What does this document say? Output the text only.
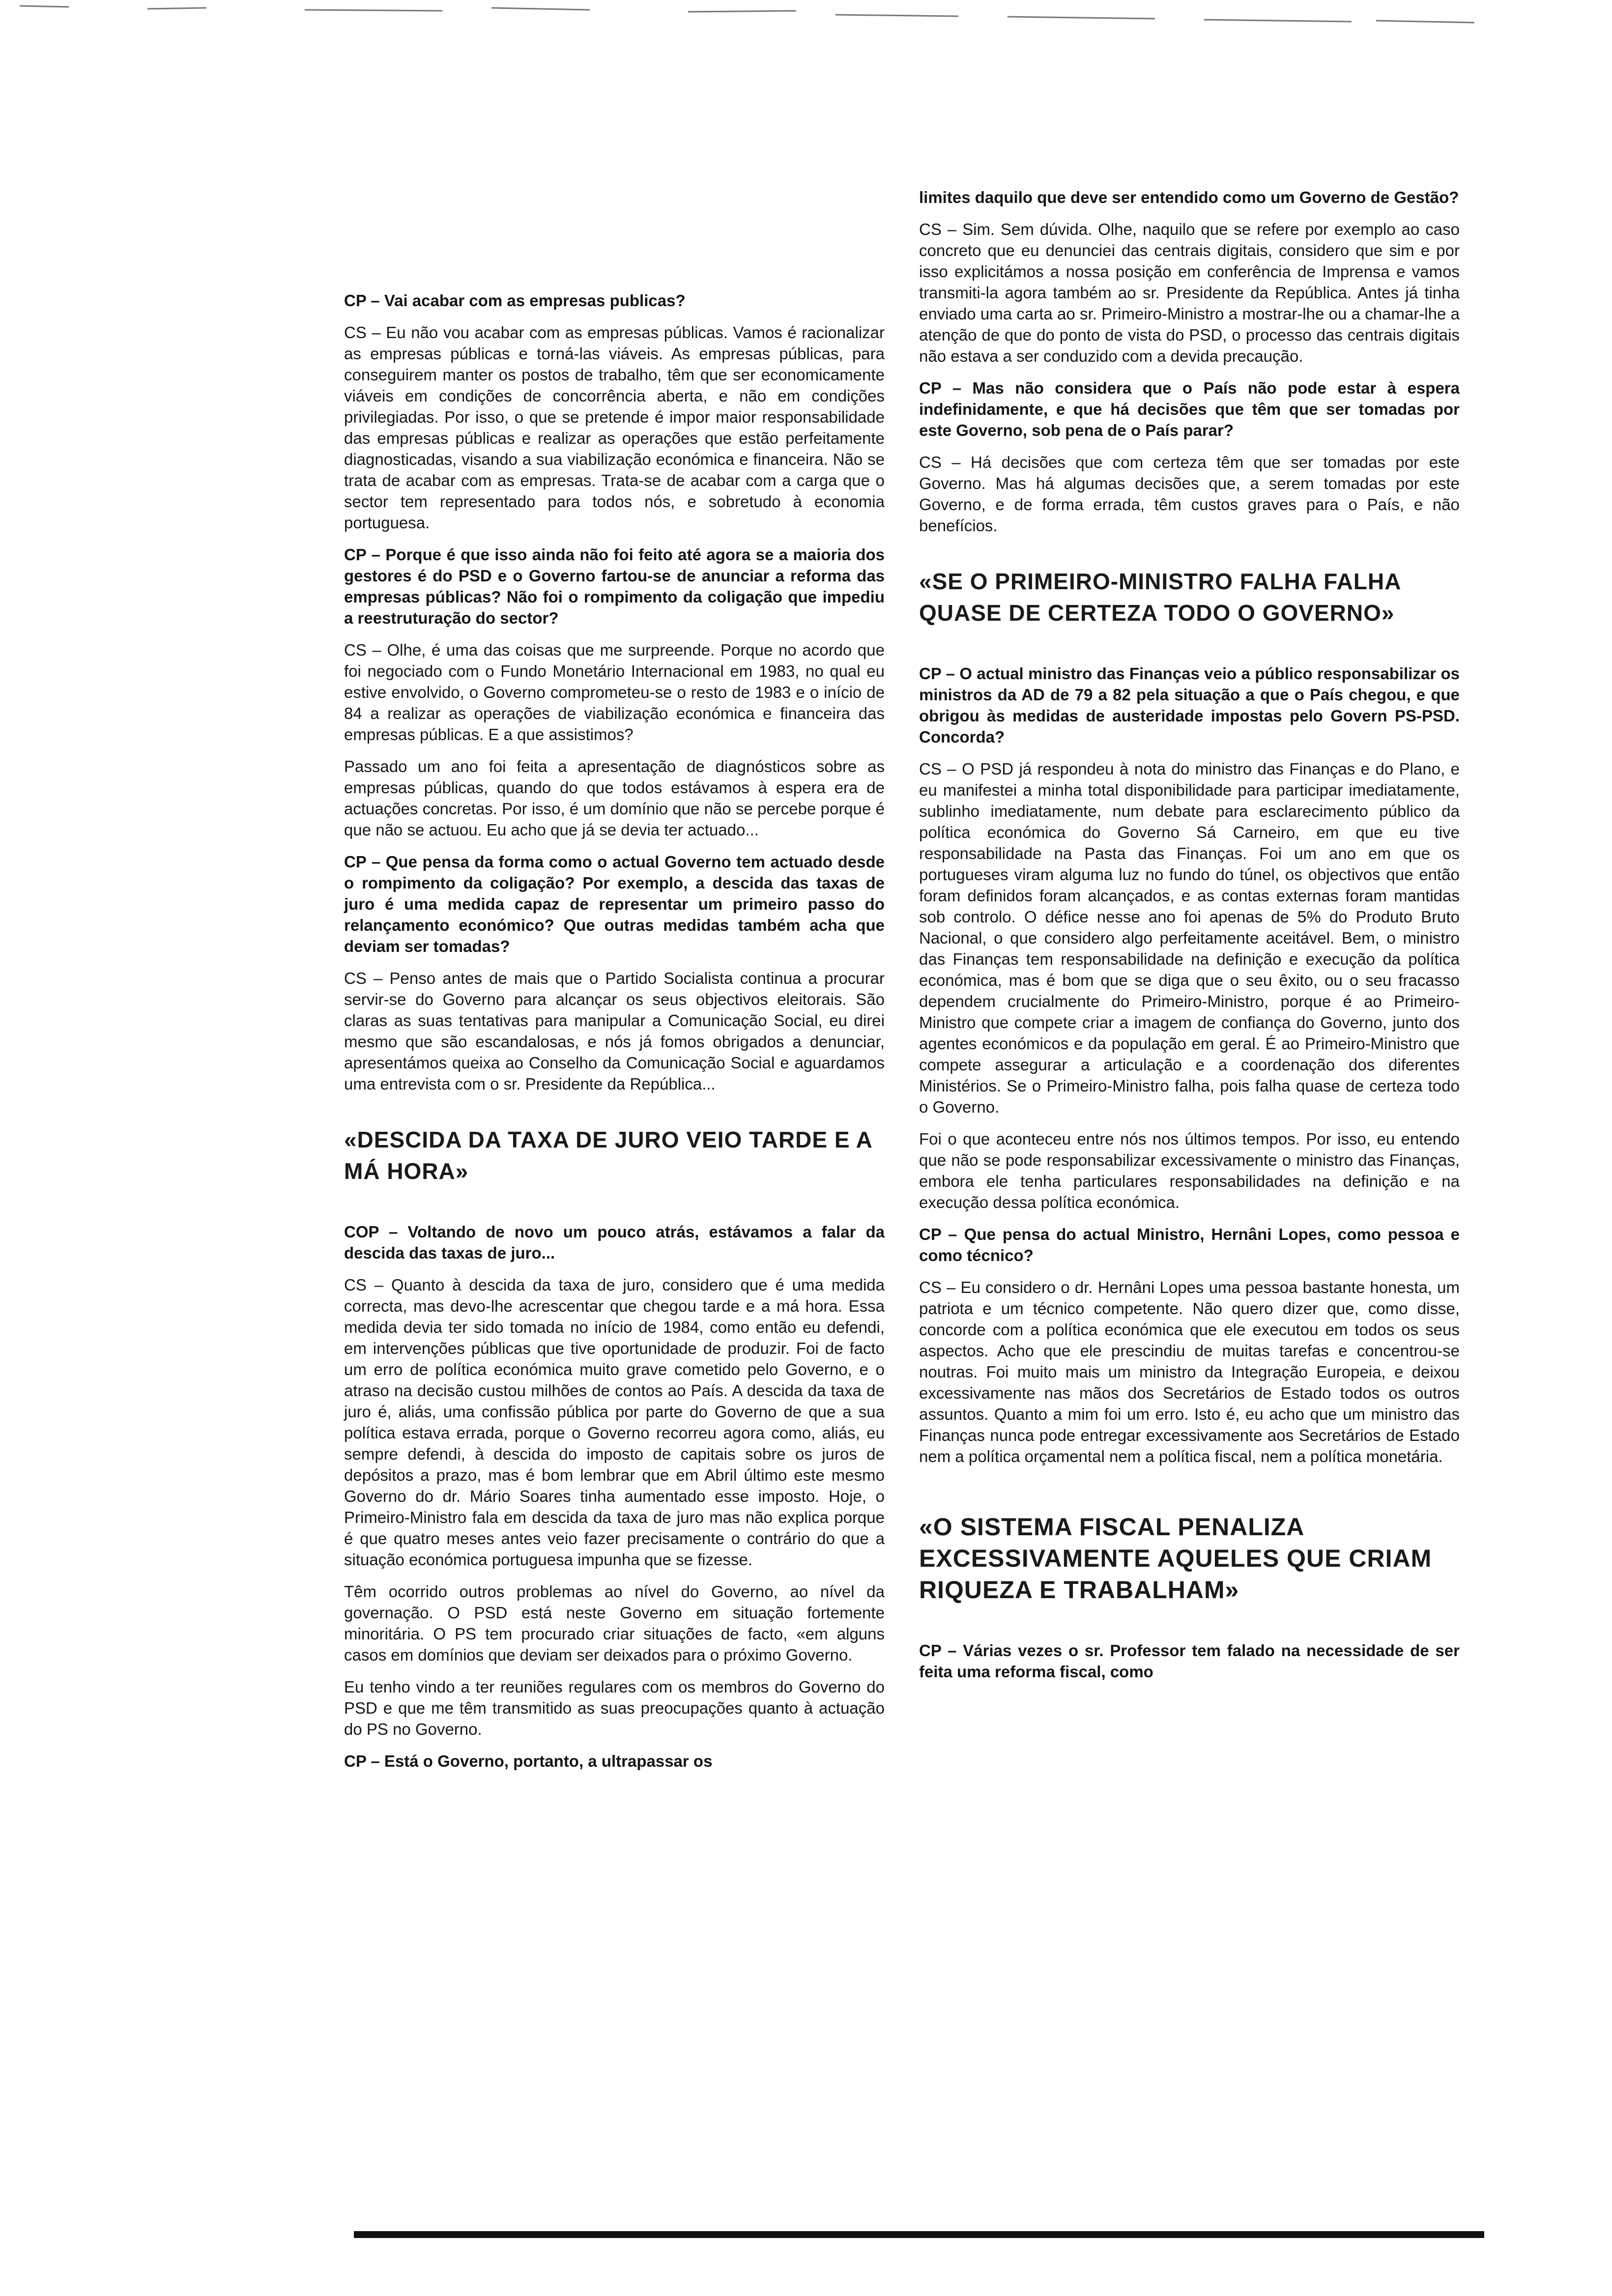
CP – Vai acabar com as empresas publicas?

CS – Eu não vou acabar com as empresas públicas. Vamos é racionalizar as empresas públicas e torná-las viáveis. As empresas públicas, para conseguirem manter os postos de trabalho, têm que ser economicamente viáveis em condições de concorrência aberta, e não em condições privilegiadas. Por isso, o que se pretende é impor maior responsabilidade das empresas públicas e realizar as operações que estão perfeitamente diagnosticadas, visando a sua viabilização económica e financeira. Não se trata de acabar com as empresas. Trata-se de acabar com a carga que o sector tem representado para todos nós, e sobretudo à economia portuguesa.

CP – Porque é que isso ainda não foi feito até agora se a maioria dos gestores é do PSD e o Governo fartou-se de anunciar a reforma das empresas públicas? Não foi o rompimento da coligação que impediu a reestruturação do sector?

CS – Olhe, é uma das coisas que me surpreende. Porque no acordo que foi negociado com o Fundo Monetário Internacional em 1983, no qual eu estive envolvido, o Governo comprometeu-se o resto de 1983 e o início de 84 a realizar as operações de viabilização económica e financeira das empresas públicas. E a que assistimos?

Passado um ano foi feita a apresentação de diagnósticos sobre as empresas públicas, quando do que todos estávamos à espera era de actuações concretas. Por isso, é um domínio que não se percebe porque é que não se actuou. Eu acho que já se devia ter actuado...

CP – Que pensa da forma como o actual Governo tem actuado desde o rompimento da coligação? Por exemplo, a descida das taxas de juro é uma medida capaz de representar um primeiro passo do relançamento económico? Que outras medidas também acha que deviam ser tomadas?

CS – Penso antes de mais que o Partido Socialista continua a procurar servir-se do Governo para alcançar os seus objectivos eleitorais. São claras as suas tentativas para manipular a Comunicação Social, eu direi mesmo que são escandalosas, e nós já fomos obrigados a denunciar, apresentámos queixa ao Conselho da Comunicação Social e aguardamos uma entrevista com o sr. Presidente da República...

«DESCIDA DA TAXA DE JURO VEIO TARDE E A MÁ HORA»

COP – Voltando de novo um pouco atrás, estávamos a falar da descida das taxas de juro...

CS – Quanto à descida da taxa de juro, considero que é uma medida correcta, mas devo-lhe acrescentar que chegou tarde e a má hora. Essa medida devia ter sido tomada no início de 1984, como então eu defendi, em intervenções públicas que tive oportunidade de produzir. Foi de facto um erro de política económica muito grave cometido pelo Governo, e o atraso na decisão custou milhões de contos ao País. A descida da taxa de juro é, aliás, uma confissão pública por parte do Governo de que a sua política estava errada, porque o Governo recorreu agora como, aliás, eu sempre defendi, à descida do imposto de capitais sobre os juros de depósitos a prazo, mas é bom lembrar que em Abril último este mesmo Governo do dr. Mário Soares tinha aumentado esse imposto. Hoje, o Primeiro-Ministro fala em descida da taxa de juro mas não explica porque é que quatro meses antes veio fazer precisamente o contrário do que a situação económica portuguesa impunha que se fizesse.

Têm ocorrido outros problemas ao nível do Governo, ao nível da governação. O PSD está neste Governo em situação fortemente minoritária. O PS tem procurado criar situações de facto, «em alguns casos em domínios que deviam ser deixados para o próximo Governo.

Eu tenho vindo a ter reuniões regulares com os membros do Governo do PSD e que me têm transmitido as suas preocupações quanto à actuação do PS no Governo.

CP – Está o Governo, portanto, a ultrapassar os

limites daquilo que deve ser entendido como um Governo de Gestão?

CS – Sim. Sem dúvida. Olhe, naquilo que se refere por exemplo ao caso concreto que eu denunciei das centrais digitais, considero que sim e por isso explicitámos a nossa posição em conferência de Imprensa e vamos transmiti-la agora também ao sr. Presidente da República. Antes já tinha enviado uma carta ao sr. Primeiro-Ministro a mostrar-lhe ou a chamar-lhe a atenção de que do ponto de vista do PSD, o processo das centrais digitais não estava a ser conduzido com a devida precaução.

CP – Mas não considera que o País não pode estar à espera indefinidamente, e que há decisões que têm que ser tomadas por este Governo, sob pena de o País parar?

CS – Há decisões que com certeza têm que ser tomadas por este Governo. Mas há algumas decisões que, a serem tomadas por este Governo, e de forma errada, têm custos graves para o País, e não benefícios.

«SE O PRIMEIRO-MINISTRO FALHA FALHA QUASE DE CERTEZA TODO O GOVERNO»

CP – O actual ministro das Finanças veio a público responsabilizar os ministros da AD de 79 a 82 pela situação a que o País chegou, e que obrigou às medidas de austeridade impostas pelo Govern PS-PSD. Concorda?

CS – O PSD já respondeu à nota do ministro das Finanças e do Plano, e eu manifestei a minha total disponibilidade para participar imediatamente, sublinho imediatamente, num debate para esclarecimento público da política económica do Governo Sá Carneiro, em que eu tive responsabilidade na Pasta das Finanças. Foi um ano em que os portugueses viram alguma luz no fundo do túnel, os objectivos que então foram definidos foram alcançados, e as contas externas foram mantidas sob controlo. O défice nesse ano foi apenas de 5% do Produto Bruto Nacional, o que considero algo perfeitamente aceitável. Bem, o ministro das Finanças tem responsabilidade na definição e execução da política económica, mas é bom que se diga que o seu êxito, ou o seu fracasso dependem crucialmente do Primeiro-Ministro, porque é ao Primeiro-Ministro que compete criar a imagem de confiança do Governo, junto dos agentes económicos e da população em geral. É ao Primeiro-Ministro que compete assegurar a articulação e a coordenação dos diferentes Ministérios. Se o Primeiro-Ministro falha, pois falha quase de certeza todo o Governo.

Foi o que aconteceu entre nós nos últimos tempos. Por isso, eu entendo que não se pode responsabilizar excessivamente o ministro das Finanças, embora ele tenha particulares responsabilidades na definição e na execução dessa política económica.

CP – Que pensa do actual Ministro, Hernâni Lopes, como pessoa e como técnico?

CS – Eu considero o dr. Hernâni Lopes uma pessoa bastante honesta, um patriota e um técnico competente. Não quero dizer que, como disse, concorde com a política económica que ele executou em todos os seus aspectos. Acho que ele prescindiu de muitas tarefas e concentrou-se noutras. Foi muito mais um ministro da Integração Europeia, e deixou excessivamente nas mãos dos Secretários de Estado todos os outros assuntos. Quanto a mim foi um erro. Isto é, eu acho que um ministro das Finanças nunca pode entregar excessivamente aos Secretários de Estado nem a política orçamental nem a política fiscal, nem a política monetária.

«O SISTEMA FISCAL PENALIZA EXCESSIVAMENTE AQUELES QUE CRIAM RIQUEZA E TRABALHAM»

CP – Várias vezes o sr. Professor tem falado na necessidade de ser feita uma reforma fiscal, como
